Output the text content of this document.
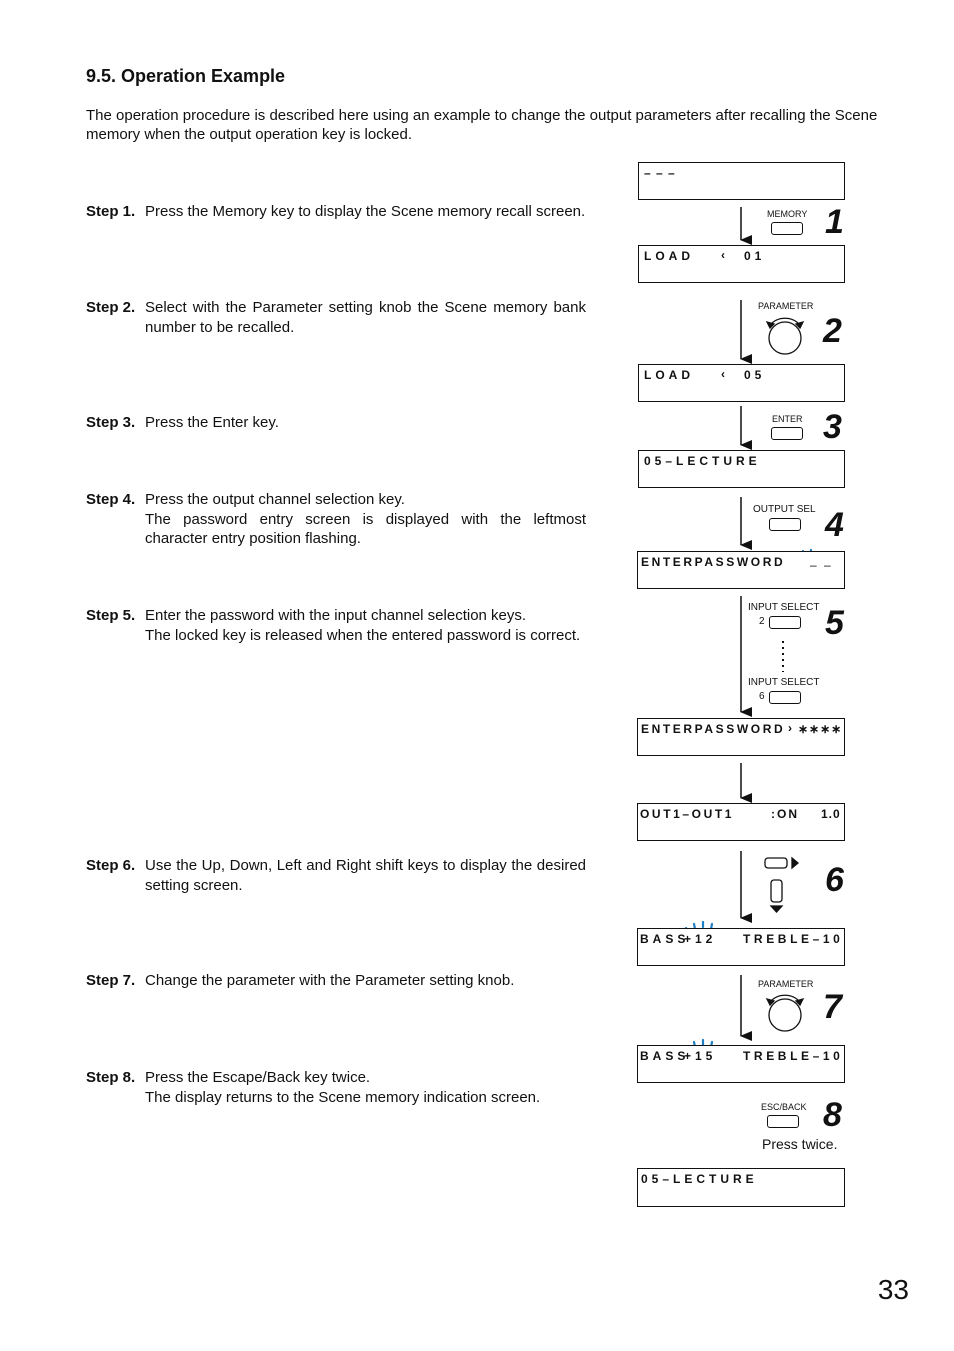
9.5. Operation Example
The operation procedure is described here using an example to change the output parameters after recalling the Scene memory when the output operation key is locked.
Step 1. Press the Memory key to display the Scene memory recall screen.
Step 2. Select with the Parameter setting knob the Scene memory bank number to be recalled.
Step 3. Press the Enter key.
Step 4. Press the output channel selection key.
The password entry screen is displayed with the leftmost character entry position flashing.
Step 5. Enter the password with the input channel selection keys.
The locked key is released when the entered password is correct.
Step 6. Use the Up, Down, Left and Right shift keys to display the desired setting screen.
Step 7. Change the parameter with the Parameter setting knob.
Step 8. Press the Escape/Back key twice.
The display returns to the Scene memory indication screen.
– – –
LOAD ‹ 01
LOAD ‹ 05
05–LECTURE
ENTERPASSWORD – –
ENTERPASSWORD › ∗∗∗∗
OUT1–OUT1	:ON 1.0
BASS
+12 TREBLE–10
BASS
+15 TREBLE–10
05–LECTURE
MEMORY
PARAMETER
ENTER
OUTPUT SEL
INPUT SELECT
2
INPUT SELECT
6
PARAMETER
ESC/BACK
Press twice.
1
2
3
4
5
6
7
8
33
